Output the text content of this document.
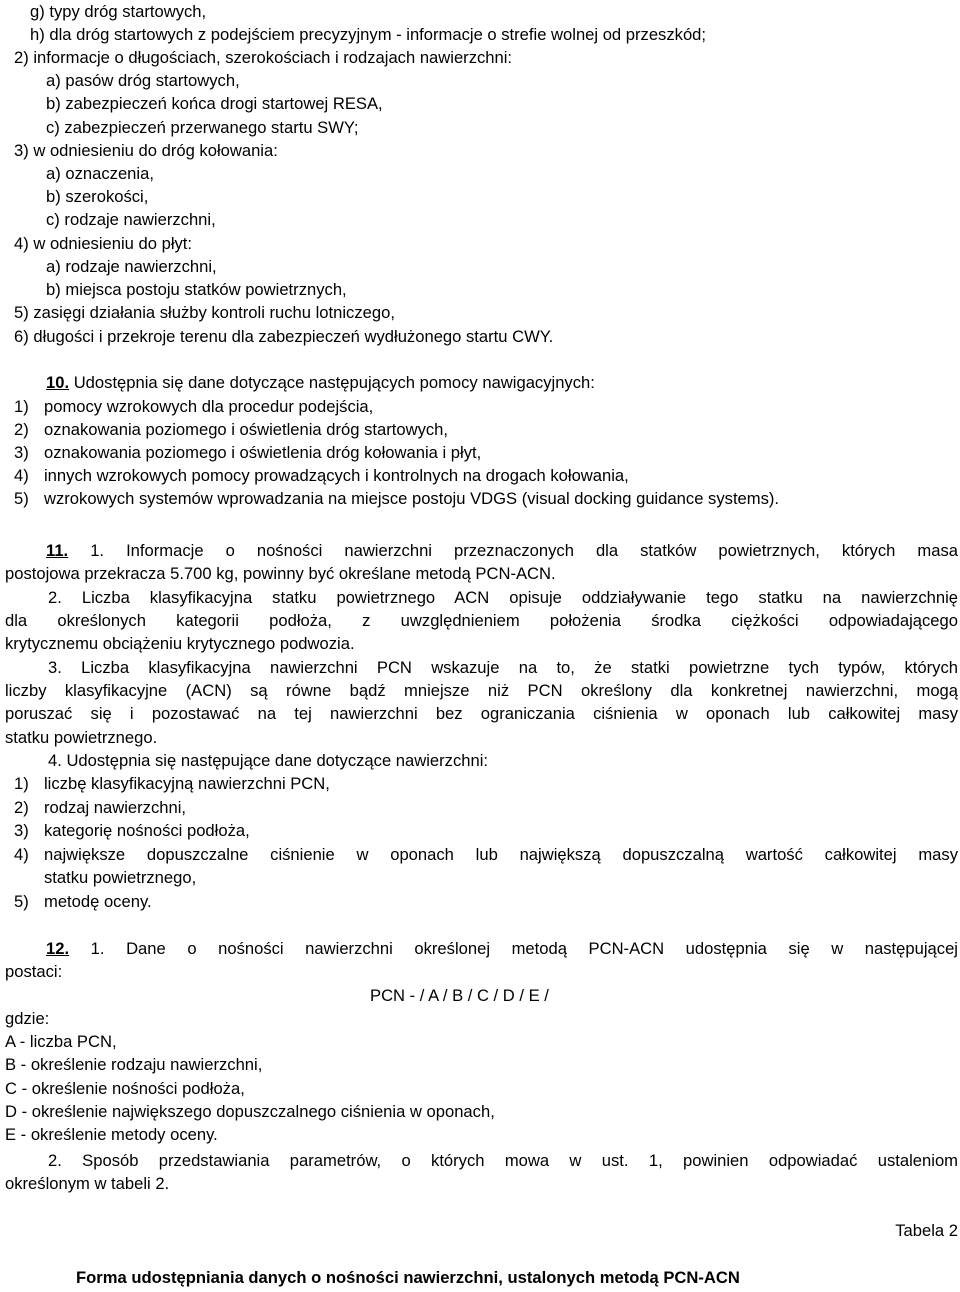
g) typy dróg startowych,
h) dla dróg startowych z podejściem precyzyjnym - informacje o strefie wolnej od przeszkód;
2) informacje o długościach, szerokościach i rodzajach nawierzchni:
a) pasów dróg startowych,
b) zabezpieczeń końca drogi startowej RESA,
c) zabezpieczeń przerwanego startu SWY;
3) w odniesieniu do dróg kołowania:
a) oznaczenia,
b) szerokości,
c) rodzaje nawierzchni,
4) w odniesieniu do płyt:
a) rodzaje nawierzchni,
b) miejsca postoju statków powietrznych,
5) zasięgi działania służby kontroli ruchu lotniczego,
6) długości i przekroje terenu dla zabezpieczeń wydłużonego startu CWY.
10. Udostępnia się dane dotyczące następujących pomocy nawigacyjnych:
1) pomocy wzrokowych dla procedur podejścia,
2) oznakowania poziomego i oświetlenia dróg startowych,
3) oznakowania poziomego i oświetlenia dróg kołowania i płyt,
4) innych wzrokowych pomocy prowadzących i kontrolnych na drogach kołowania,
5) wzrokowych systemów wprowadzania na miejsce postoju VDGS (visual docking guidance systems).
11. 1. Informacje o nośności nawierzchni przeznaczonych dla statków powietrznych, których masa
postojowa przekracza 5.700 kg, powinny być określane metodą PCN-ACN.
2. Liczba klasyfikacyjna statku powietrznego ACN opisuje oddziaływanie tego statku na nawierzchnię
dla określonych kategorii podłoża, z uwzględnieniem położenia środka ciężkości odpowiadającego
krytycznemu obciążeniu krytycznego podwozia.
3. Liczba klasyfikacyjna nawierzchni PCN wskazuje na to, że statki powietrzne tych typów, których
liczby klasyfikacyjne (ACN) są równe bądź mniejsze niż PCN określony dla konkretnej nawierzchni, mogą
poruszać się i pozostawać na tej nawierzchni bez ograniczania ciśnienia w oponach lub całkowitej masy
statku powietrznego.
4. Udostępnia się następujące dane dotyczące nawierzchni:
1) liczbę klasyfikacyjną nawierzchni PCN,
2) rodzaj nawierzchni,
3) kategorię nośności podłoża,
4) największe dopuszczalne ciśnienie w oponach lub największą dopuszczalną wartość całkowitej masy
statku powietrznego,
5) metodę oceny.
12. 1. Dane o nośności nawierzchni określonej metodą PCN-ACN udostępnia się w następującej
postaci:
PCN - / A / B / C / D / E /
gdzie:
A - liczba PCN,
B - określenie rodzaju nawierzchni,
C - określenie nośności podłoża,
D - określenie największego dopuszczalnego ciśnienia w oponach,
E - określenie metody oceny.
2. Sposób przedstawiania parametrów, o których mowa w ust. 1, powinien odpowiadać ustaleniom
określonym w tabeli 2.
Tabela 2
Forma udostępniania danych o nośności nawierzchni, ustalonych metodą PCN-ACN
